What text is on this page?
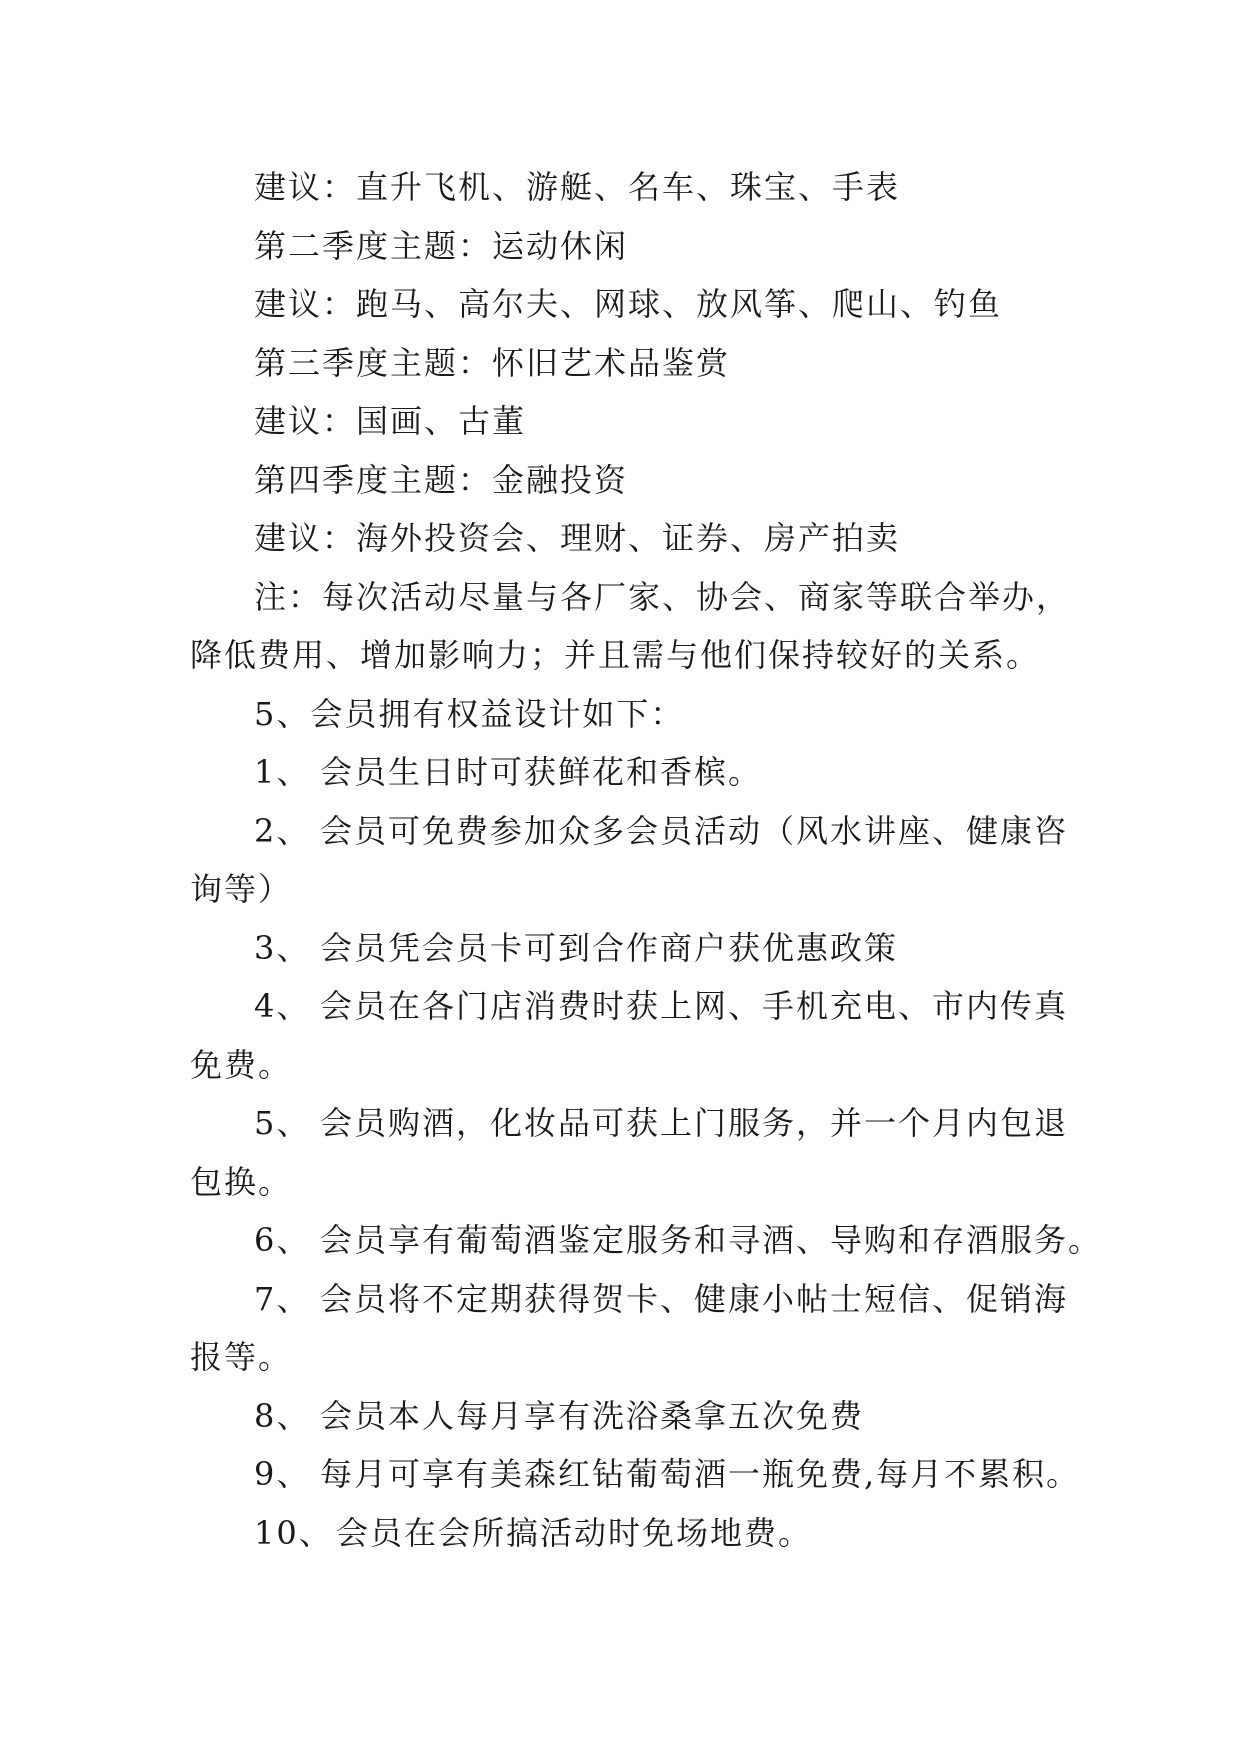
建议：直升飞机、游艇、名车、珠宝、手表
第二季度主题：运动休闲
建议：跑马、高尔夫、网球、放风筝、爬山、钓鱼
第三季度主题：怀旧艺术品鉴赏
建议：国画、古董
第四季度主题：金融投资
建议：海外投资会、理财、证券、房产拍卖
注：每次活动尽量与各厂家、协会、商家等联合举办，
降低费用、增加影响力；并且需与他们保持较好的关系。
5、会员拥有权益设计如下：
1、 会员生日时可获鲜花和香槟。
2、 会员可免费参加众多会员活动（风水讲座、健康咨
询等）
3、 会员凭会员卡可到合作商户获优惠政策
4、 会员在各门店消费时获上网、手机充电、市内传真
免费。
5、 会员购酒，化妆品可获上门服务，并一个月内包退
包换。
6、 会员享有葡萄酒鉴定服务和寻酒、导购和存酒服务。
7、 会员将不定期获得贺卡、健康小帖士短信、促销海
报等。
8、 会员本人每月享有洗浴桑拿五次免费
9、 每月可享有美森红钻葡萄酒一瓶免费,每月不累积。
10、 会员在会所搞活动时免场地费。
